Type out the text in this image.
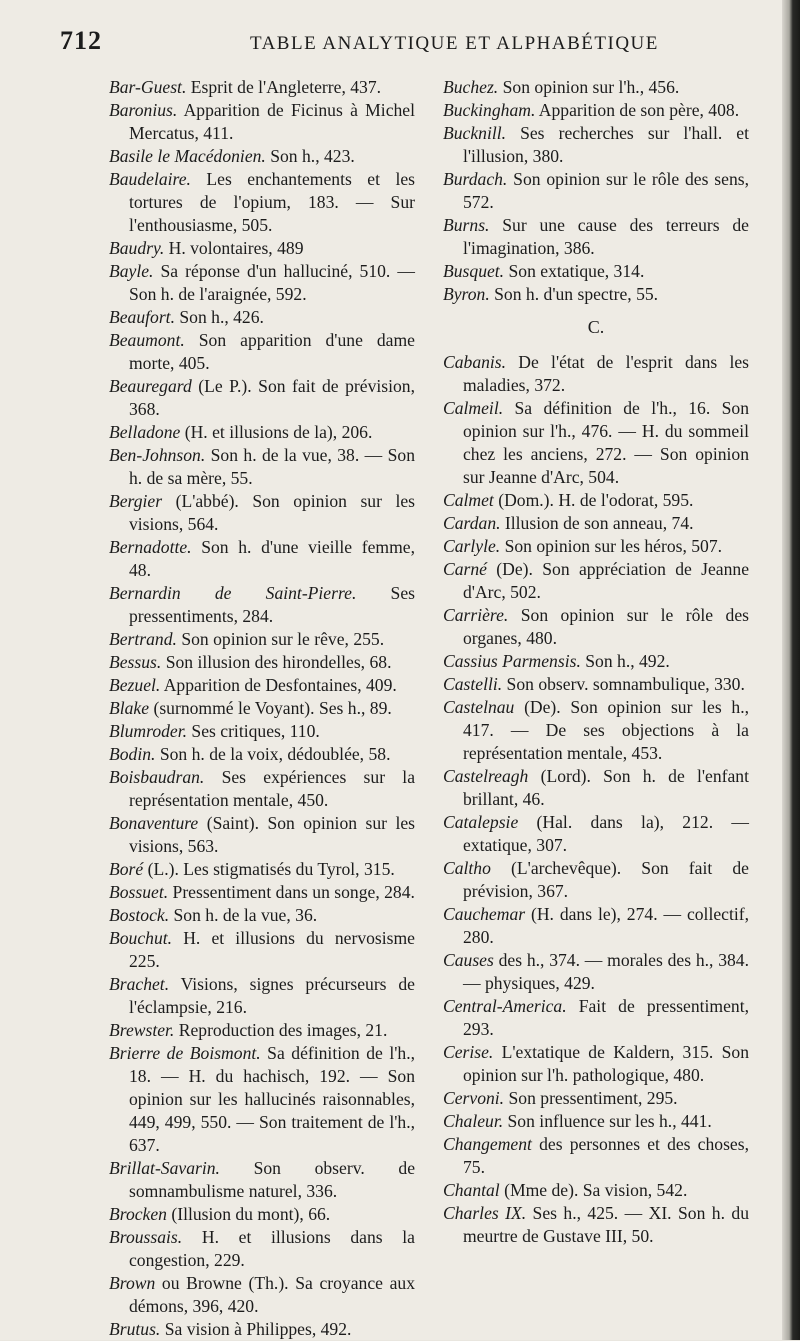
712	TABLE ANALYTIQUE ET ALPHABÉTIQUE

Bar-Guest. Esprit de l'Angleterre, 437.

Baronius. Apparition de Ficinus à Michel Mercatus, 411.

Basile le Macédonien. Son h., 423.

Baudelaire. Les enchantements et les tortures de l'opium, 183. — Sur l'enthousiasme, 505.

Baudry. H. volontaires, 489

Bayle. Sa réponse d'un halluciné, 510. — Son h. de l'araignée, 592.

Beaufort. Son h., 426.

Beaumont. Son apparition d'une dame morte, 405.

Beauregard (Le P.). Son fait de prévision, 368.

Belladone (H. et illusions de la), 206.

Ben-Johnson. Son h. de la vue, 38. — Son h. de sa mère, 55.

Bergier (L'abbé). Son opinion sur les visions, 564.

Bernadotte. Son h. d'une vieille femme, 48.

Bernardin de Saint-Pierre. Ses pressentiments, 284.

Bertrand. Son opinion sur le rêve, 255.

Bessus. Son illusion des hirondelles, 68.

Bezuel. Apparition de Desfontaines, 409.

Blake (surnommé le Voyant). Ses h., 89.

Blumroder. Ses critiques, 110.

Bodin. Son h. de la voix, dédoublée, 58.

Boisbaudran. Ses expériences sur la représentation mentale, 450.

Bonaventure (Saint). Son opinion sur les visions, 563.

Boré (L.). Les stigmatisés du Tyrol, 315.

Bossuet. Pressentiment dans un songe, 284.

Bostock. Son h. de la vue, 36.

Bouchut. H. et illusions du nervosisme 225.

Brachet. Visions, signes précurseurs de l'éclampsie, 216.

Brewster. Reproduction des images, 21.

Brierre de Boismont. Sa définition de l'h., 18. — H. du hachisch, 192. — Son opinion sur les hallucinés raisonnables, 449, 499, 550. — Son traitement de l'h., 637.

Brillat-Savarin. Son observ. de somnambulisme naturel, 336.

Brocken (Illusion du mont), 66.

Broussais. H. et illusions dans la congestion, 229.

Brown ou Browne (Th.). Sa croyance aux démons, 396, 420.

Brutus. Sa vision à Philippes, 492.

Buchez. Son opinion sur l'h., 456.

Buckingham. Apparition de son père, 408.

Bucknill. Ses recherches sur l'hall. et l'illusion, 380.

Burdach. Son opinion sur le rôle des sens, 572.

Burns. Sur une cause des terreurs de l'imagination, 386.

Busquet. Son extatique, 314.

Byron. Son h. d'un spectre, 55.

C.

Cabanis. De l'état de l'esprit dans les maladies, 372.

Calmeil. Sa définition de l'h., 16. Son opinion sur l'h., 476. — H. du sommeil chez les anciens, 272. — Son opinion sur Jeanne d'Arc, 504.

Calmet (Dom.). H. de l'odorat, 595.

Cardan. Illusion de son anneau, 74.

Carlyle. Son opinion sur les héros, 507.

Carné (De). Son appréciation de Jeanne d'Arc, 502.

Carrière. Son opinion sur le rôle des organes, 480.

Cassius Parmensis. Son h., 492.

Castelli. Son observ. somnambulique, 330.

Castelnau (De). Son opinion sur les h., 417. — De ses objections à la représentation mentale, 453.

Castelreagh (Lord). Son h. de l'enfant brillant, 46.

Catalepsie (Hal. dans la), 212. — extatique, 307.

Caltho (L'archevêque). Son fait de prévision, 367.

Cauchemar (H. dans le), 274. — collectif, 280.

Causes des h., 374. — morales des h., 384. — physiques, 429.

Central-America. Fait de pressentiment, 293.

Cerise. L'extatique de Kaldern, 315. Son opinion sur l'h. pathologique, 480.

Cervoni. Son pressentiment, 295.

Chaleur. Son influence sur les h., 441.

Changement des personnes et des choses, 75.

Chantal (Mme de). Sa vision, 542.

Charles IX. Ses h., 425. — XI. Son h. du meurtre de Gustave III, 50.
